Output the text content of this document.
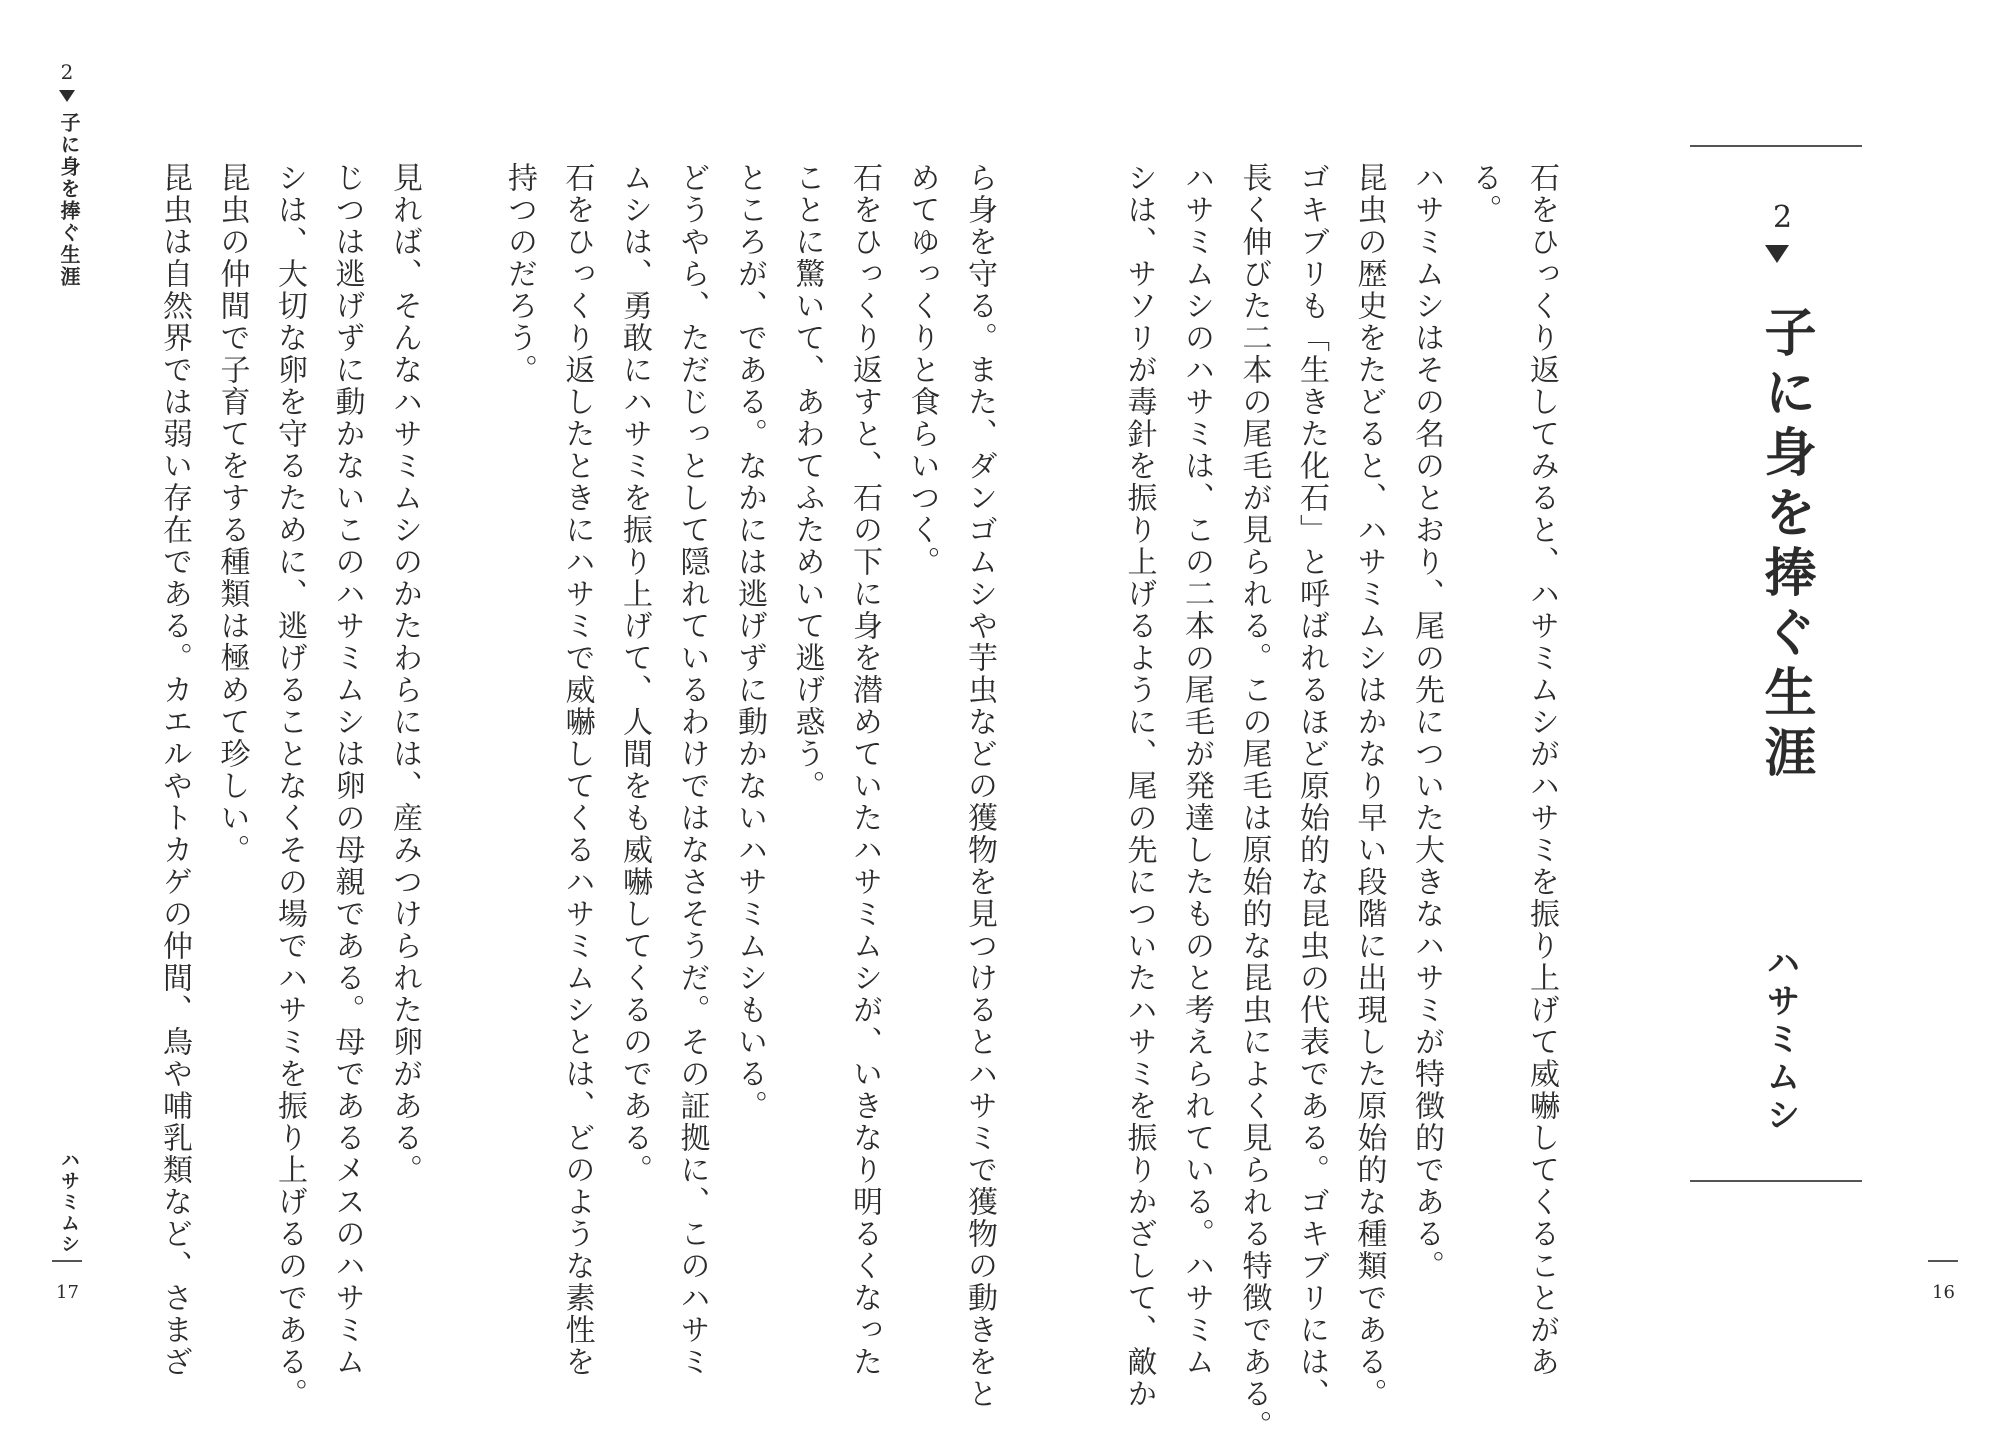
2
子に身を捧ぐ生涯
ハサミムシ

石をひっくり返してみると、ハサミムシがハサミを振り上げて威嚇してくることがあ

る。

ハサミムシはその名のとおり、尾の先についた大きなハサミが特徴的である。

昆虫の歴史をたどると、ハサミムシはかなり早い段階に出現した原始的な種類である。

ゴキブリも「生きた化石」と呼ばれるほど原始的な昆虫の代表である。ゴキブリには、

長く伸びた二本の尾毛が見られる。この尾毛は原始的な昆虫によく見られる特徴である。

ハサミムシのハサミは、この二本の尾毛が発達したものと考えられている。ハサミム

シは、サソリが毒針を振り上げるように、尾の先についたハサミを振りかざして、敵か	16
2
子に身を捧ぐ生涯	ら身を守る。また、ダンゴムシや芋虫などの獲物を見つけるとハサミで獲物の動きをと

めてゆっくりと食らいつく。

石をひっくり返すと、石の下に身を潜めていたハサミムシが、いきなり明るくなった

ことに驚いて、あわてふためいて逃げ惑う。

ところが、である。なかには逃げずに動かないハサミムシもいる。

どうやら、ただじっとして隠れているわけではなさそうだ。その証拠に、このハサミ

ムシは、勇敢にハサミを振り上げて、人間をも威嚇してくるのである。

石をひっくり返したときにハサミで威嚇してくるハサミムシとは、どのような素性を

持つのだろう。

見れば、そんなハサミムシのかたわらには、産みつけられた卵がある。

じつは逃げずに動かないこのハサミムシは卵の母親である。母であるメスのハサミム

シは、大切な卵を守るために、逃げることなくその場でハサミを振り上げるのである。

昆虫の仲間で子育てをする種類は極めて珍しい。

昆虫は自然界では弱い存在である。カエルやトカゲの仲間、鳥や哺乳類など、さまざ

ハサミムシ
17
